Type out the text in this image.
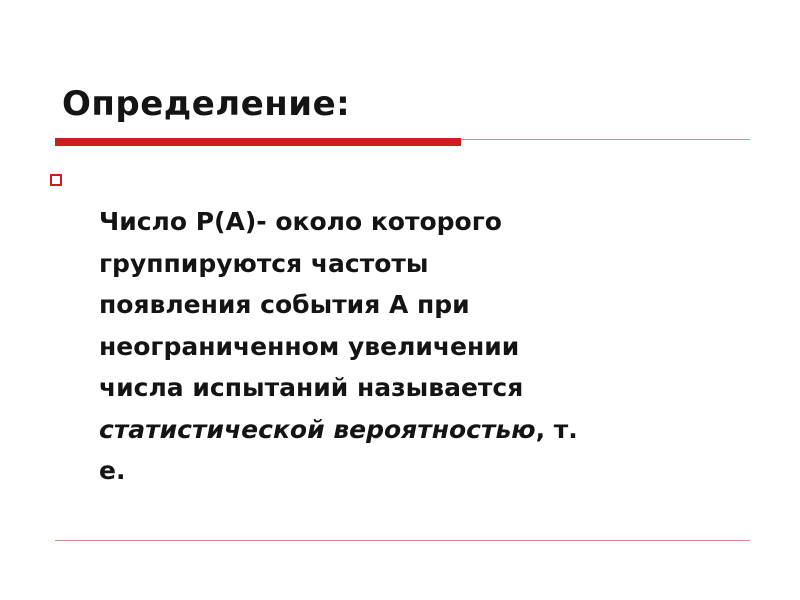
Определение:

Число Р(А)- около которого
группируются частоты
появления события А при
неограниченном увеличении
числа испытаний называется
статистической вероятностью, т.
е.
